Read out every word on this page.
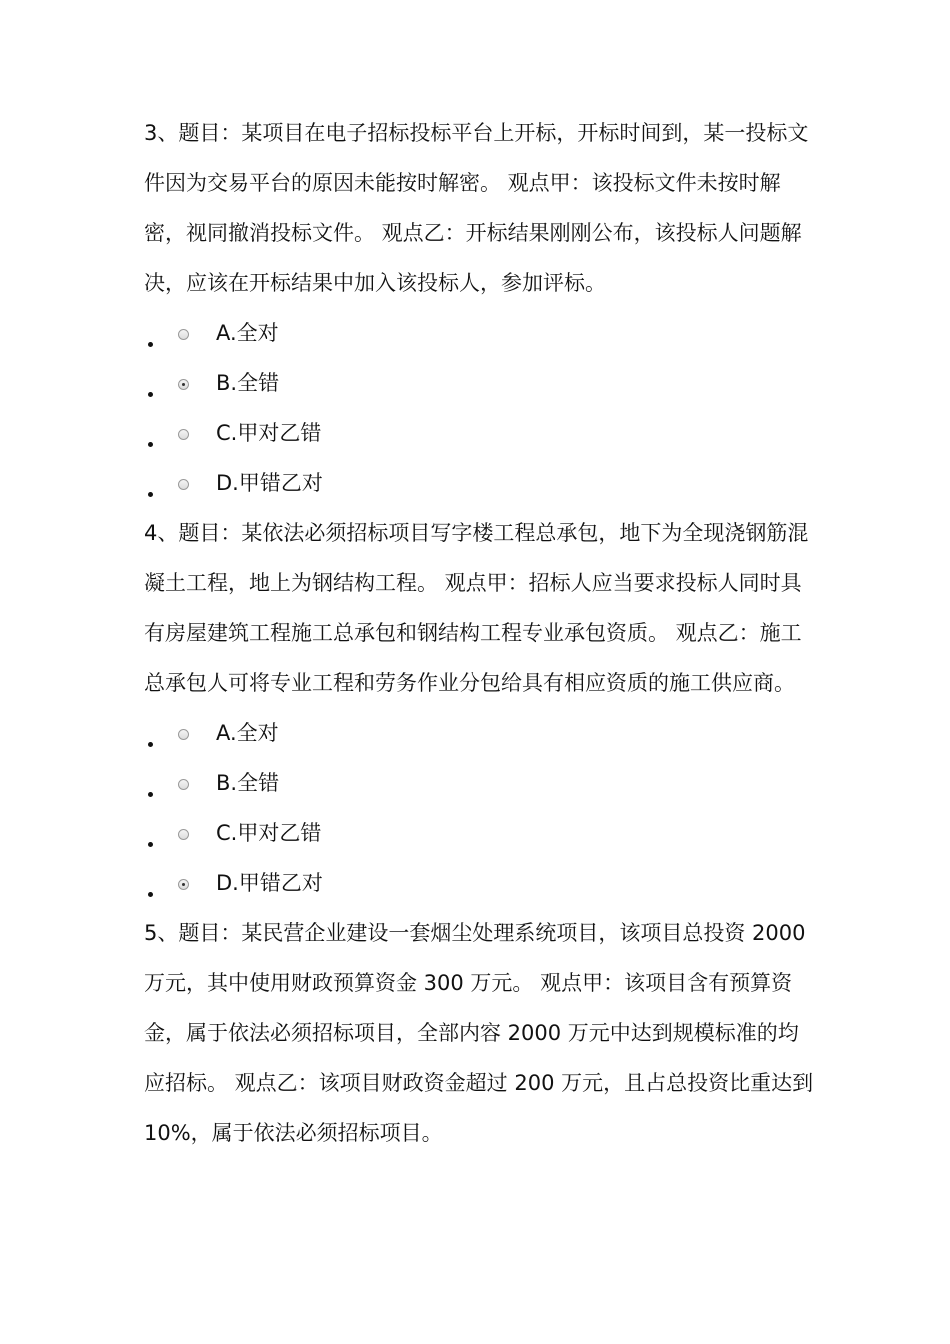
3、题目：某项目在电子招标投标平台上开标，开标时间到，某一投标文件因为交易平台的原因未能按时解密。 观点甲：该投标文件未按时解密，视同撤消投标文件。 观点乙：开标结果刚刚公布，该投标人问题解决，应该在开标结果中加入该投标人，参加评标。

A.全对
B.全错
C.甲对乙错
D.甲错乙对

4、题目：某依法必须招标项目写字楼工程总承包，地下为全现浇钢筋混凝土工程，地上为钢结构工程。 观点甲：招标人应当要求投标人同时具有房屋建筑工程施工总承包和钢结构工程专业承包资质。 观点乙：施工总承包人可将专业工程和劳务作业分包给具有相应资质的施工供应商。

A.全对
B.全错
C.甲对乙错
D.甲错乙对

5、题目：某民营企业建设一套烟尘处理系统项目，该项目总投资 2000 万元，其中使用财政预算资金 300 万元。 观点甲：该项目含有预算资金，属于依法必须招标项目，全部内容 2000 万元中达到规模标准的均应招标。 观点乙：该项目财政资金超过 200 万元，且占总投资比重达到 10%，属于依法必须招标项目。
